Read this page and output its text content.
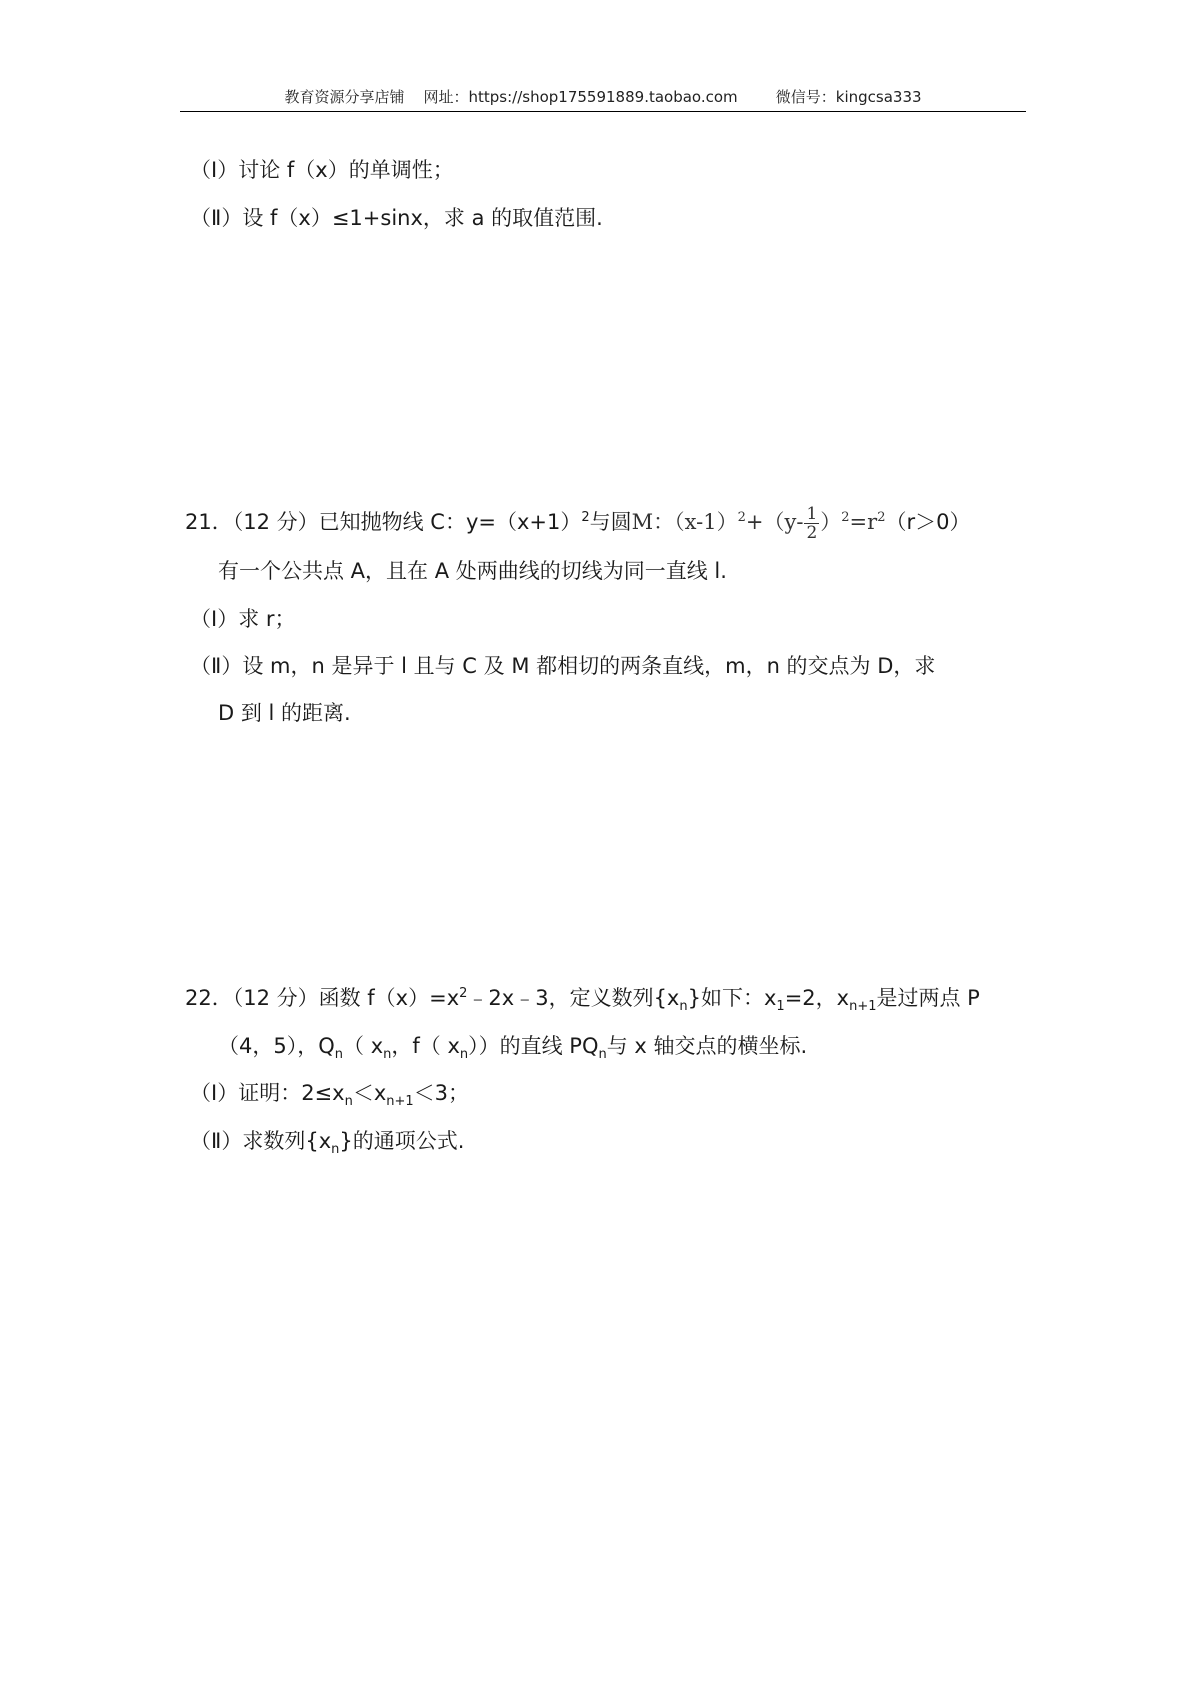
教育资源分享店铺    网址：https://shop175591889.taobao.com        微信号：kingcsa333
（Ⅰ）讨论 f（x）的单调性；
（Ⅱ）设 f（x）≤1+sinx，求 a 的取值范围.
21．（12 分）已知抛物线 C：$y=(x+1)^2$与圆M：$(x-1)^2+(y- \frac{1}{2} )^2=r^2(r>0)$
有一个公共点 A，且在 A 处两曲线的切线为同一直线 l.
（Ⅰ）求 r；
（Ⅱ）设 m，n 是异于 l 且与 C 及 M 都相切的两条直线，m，n 的交点为 D，求
D 到 l 的距离.
22．（12 分）函数 $f(x)=x^2﹣2x﹣3$，定义数列$\{x_n\}$如下：$x_1=2$，$x_{n+1}$是过两点 P
（4，5），$Q_n$（ $x_n$，f（ $x_n$））的直线 $PQ_n$与 x 轴交点的横坐标.
（Ⅰ）证明：$2\le x_n<x_{n+1}<3$；
（Ⅱ）求数列$\{x_n\}$的通项公式.
